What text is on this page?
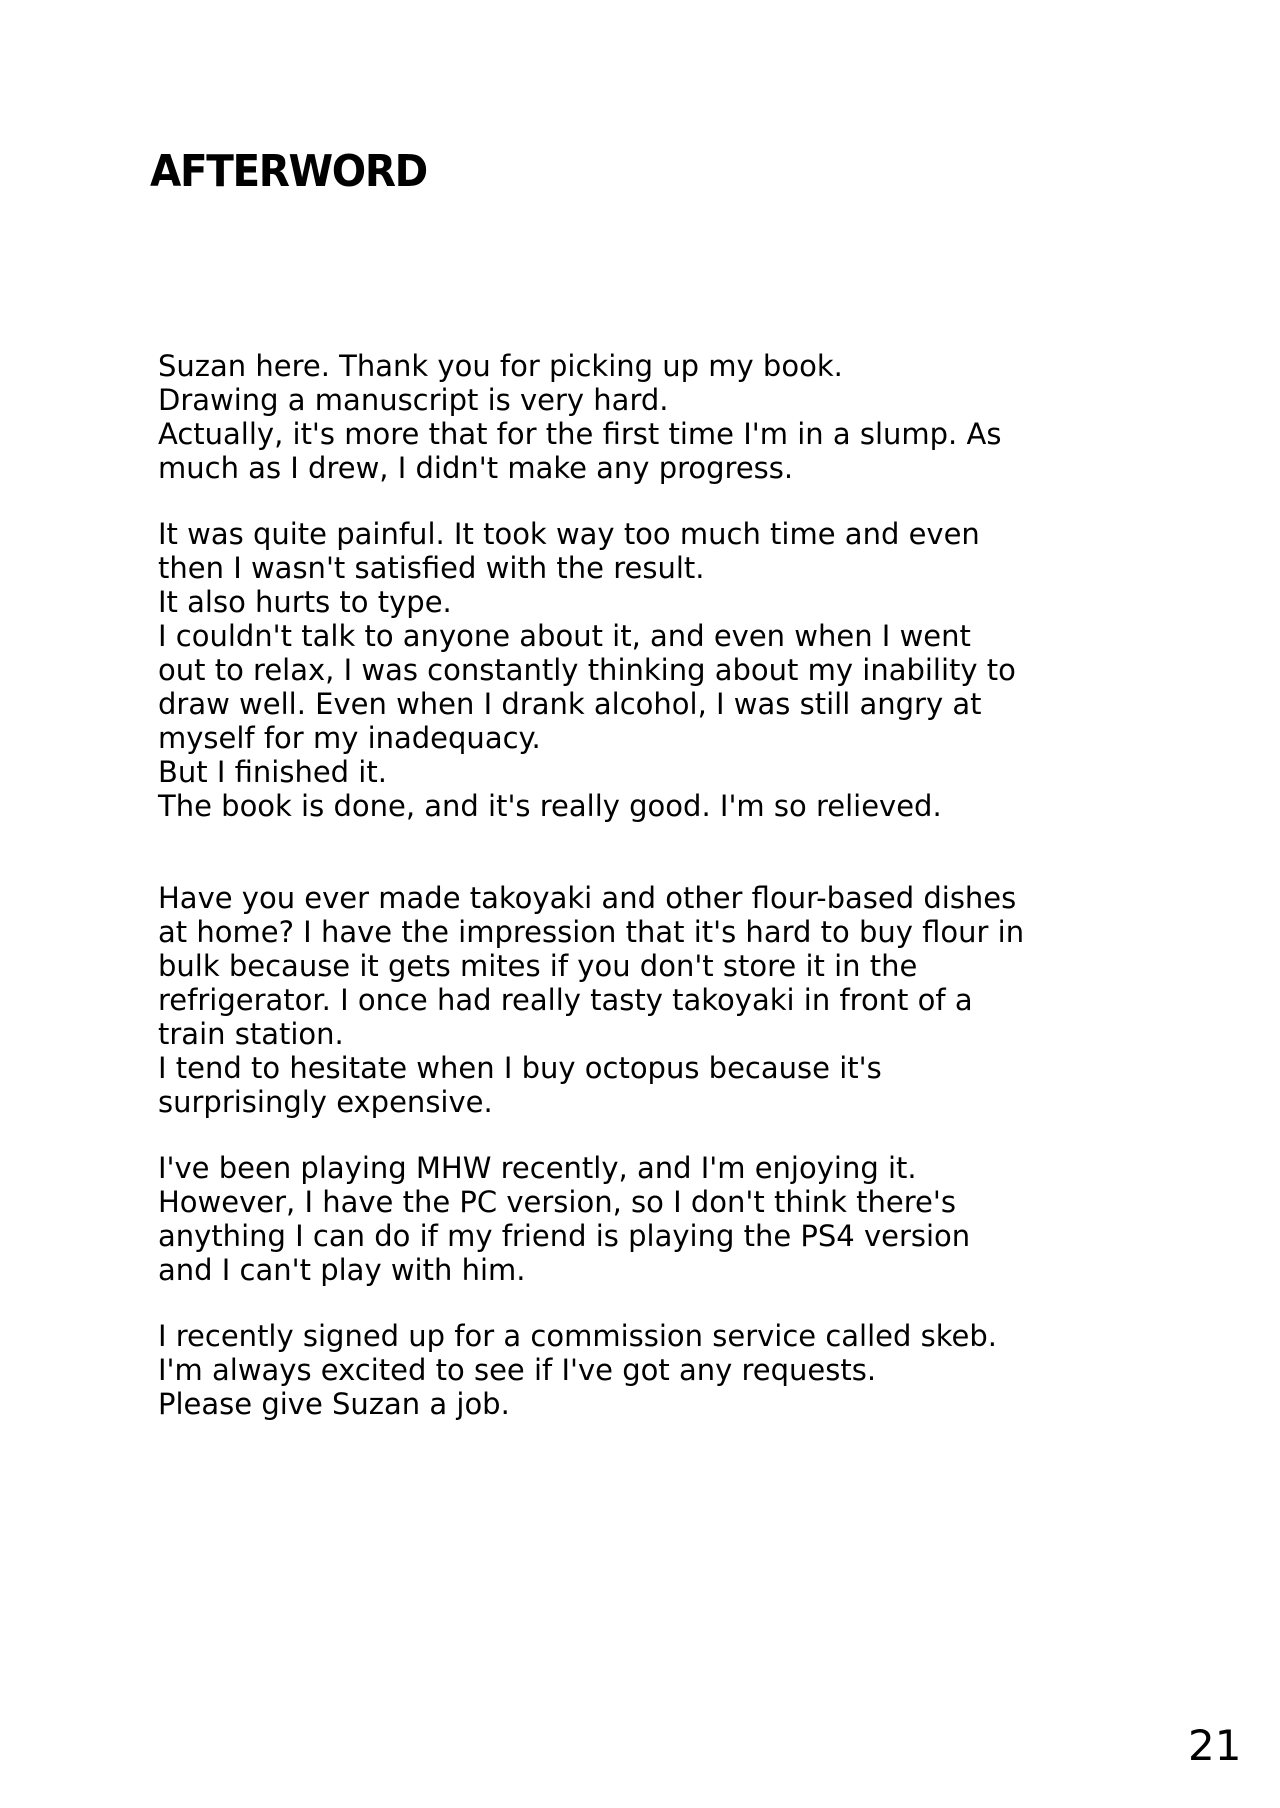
AFTERWORD

Suzan here. Thank you for picking up my book.
Drawing a manuscript is very hard.
Actually, it's more that for the first time I'm in a slump. As
much as I drew, I didn't make any progress.

It was quite painful. It took way too much time and even
then I wasn't satisfied with the result.
It also hurts to type.
I couldn't talk to anyone about it, and even when I went
out to relax, I was constantly thinking about my inability to
draw well. Even when I drank alcohol, I was still angry at
myself for my inadequacy.
But I finished it.
The book is done, and it's really good. I'm so relieved.

Have you ever made takoyaki and other flour-based dishes
at home? I have the impression that it's hard to buy flour in
bulk because it gets mites if you don't store it in the
refrigerator. I once had really tasty takoyaki in front of a
train station.
I tend to hesitate when I buy octopus because it's
surprisingly expensive.

I've been playing MHW recently, and I'm enjoying it.
However, I have the PC version, so I don't think there's
anything I can do if my friend is playing the PS4 version
and I can't play with him.

I recently signed up for a commission service called skeb.
I'm always excited to see if I've got any requests.
Please give Suzan a job.

21
